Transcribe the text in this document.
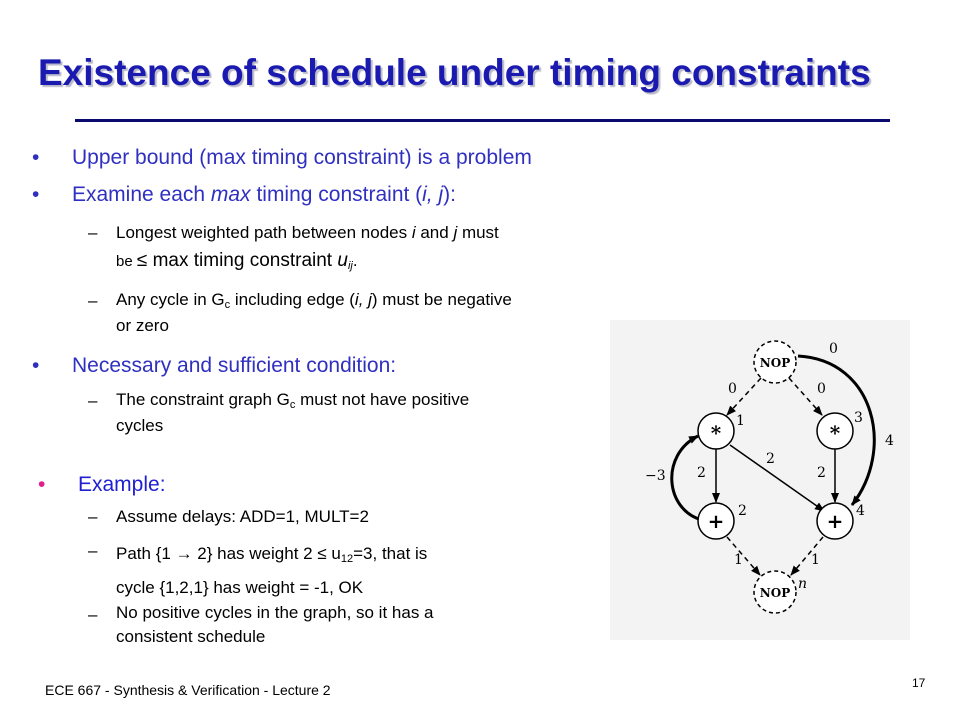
Existence of schedule under timing constraints
• Upper bound (max timing constraint) is a problem
• Examine each max timing constraint (i, j):
– Longest weighted path between nodes i and j must
be ≤ max timing constraint $u_{ij}$.
– Any cycle in $G_c$ including edge (i, j) must be negative
or zero
• Necessary and sufficient condition:
– The constraint graph $G_c$ must not have positive
cycles
• Example:
– Assume delays: ADD=1, MULT=2
– Path {1 → 2} has weight $2 \le u_{12}=3$, that is
cycle {1,2,1} has weight = -1, OK
– No positive cycles in the graph, so it has a
consistent schedule
NOP
*	*
+	+
NOP
1	3
2	4
n
0	0
0
4
−3 2
2
2
1	1
ECE 667 - Synthesis & Verification - Lecture 2	17
